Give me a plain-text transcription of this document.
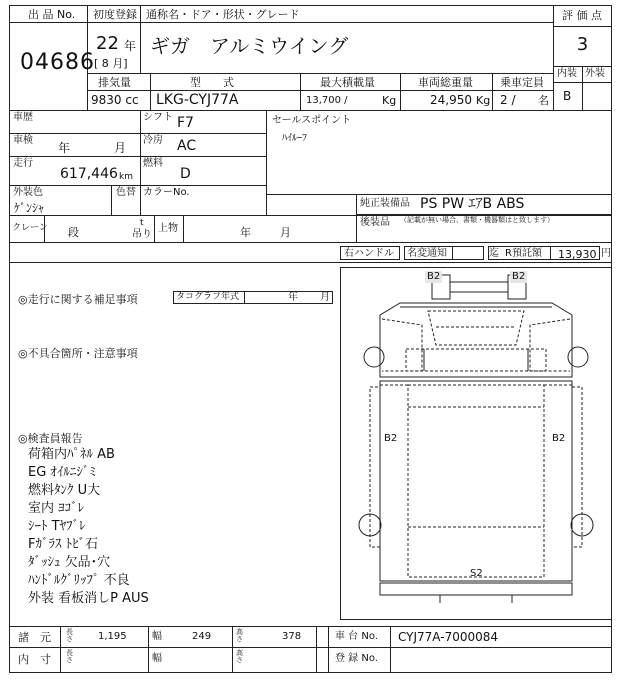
出 品 No.
04686
初度登録
22 年
[ 8 月]
通称名・ドア・形状・グレード
ギガ　アルミウイング
評 価 点
3
内装 外装
B
排気量
9830 cc
型　　式
LKG-CYJ77A
最大積載量
13,700 /	Kg
車両総重量
24,950 Kg
乗車定員
2 / 名
車歴	シフト F7
車検
年	月
冷房 AC
走行
617,446 km
燃料
D
外装色
ｹﾞﾝｼｬ
色替 カラーNo.
セールスポイント
ﾊｲﾙｰﾌ
純正装備品 PS PW ｴｱB ABS
後装品 （記載が無い場合、書類・機器類はと致します）
クレーン 段
t
吊り
上物	年	月
右ハンドル 名変通知	迄 R預託額 13,930 円
◎走行に関する補足事項	タコグラフ年式	年 月
◎不具合箇所・注意事項
◎検査員報告
荷箱内ﾊﾟﾈﾙ AB
EG ｵｲﾙﾆｼﾞﾐ
燃料ﾀﾝｸ U大
室内 ﾖｺﾞﾚ
ｼｰﾄ Tﾔﾌﾞﾚ
Fｶﾞﾗｽ ﾄﾋﾞ石
ﾀﾞｯｼｭ 欠品･穴
ﾊﾝﾄﾞﾙｸﾞﾘｯﾌﾟ 不良
外装 看板消しP AUS
B2	B2
B2	B2
S2
諸　元 長さ	1,195	幅	249	高さ	378
内　寸 長さ	幅	高さ
車 台 No. CYJ77A-7000084
登 録 No.
